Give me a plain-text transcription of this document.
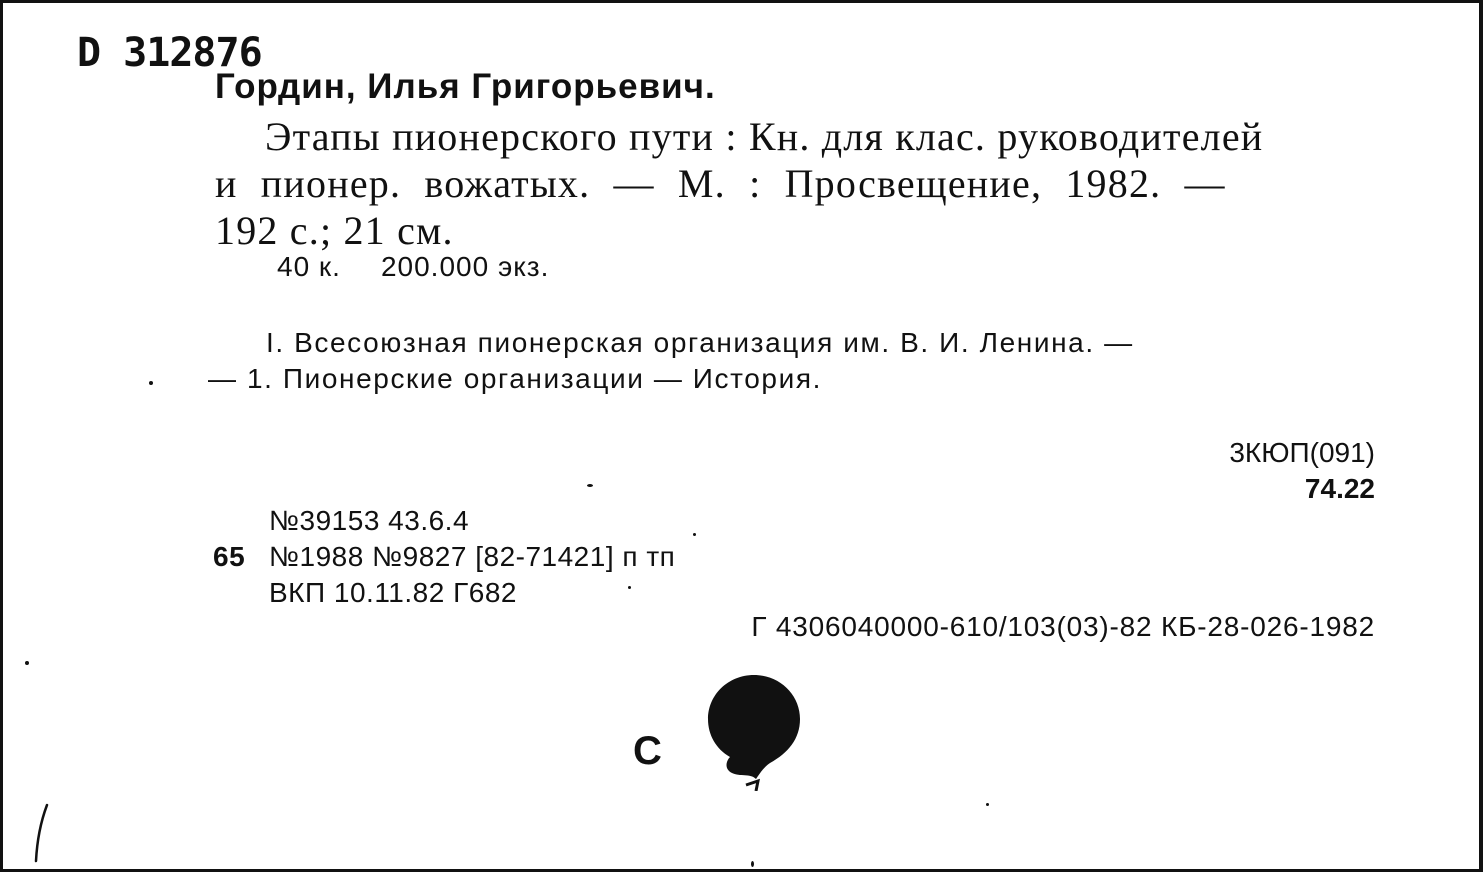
D 312876
Гордин, Илья Григорьевич.
Этапы пионерского пути : Кн. для клас. руководителей
и пионер. вожатых. — М. : Просвещение, 1982. —
192 с.; 21 см.
40 к. 200.000 экз.
I. Всесоюзная пионерская организация им. В. И. Ленина. —
— 1. Пионерские организации — История.
3КЮП(091)
74.22
№39153 43.6.4
65 №1988 №9827 [82-71421] п тп
ВКП 10.11.82 Г682
Г 4306040000-610/103(03)-82 КБ-28-026-1982
С
